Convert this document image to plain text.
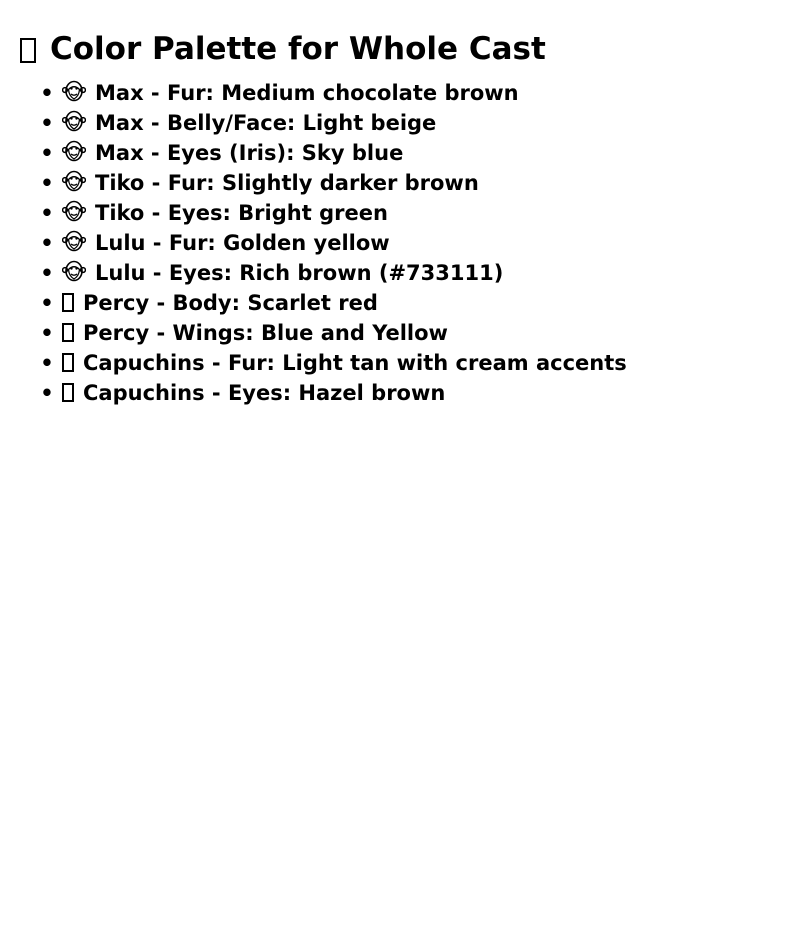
Color Palette for Whole Cast
• Max - Fur: Medium chocolate brown
• Max - Belly/Face: Light beige
• Max - Eyes (Iris): Sky blue
• Tiko - Fur: Slightly darker brown
• Tiko - Eyes: Bright green
• Lulu - Fur: Golden yellow
• Lulu - Eyes: Rich brown (#733111)
• Percy - Body: Scarlet red
• Percy - Wings: Blue and Yellow
• Capuchins - Fur: Light tan with cream accents
• Capuchins - Eyes: Hazel brown
